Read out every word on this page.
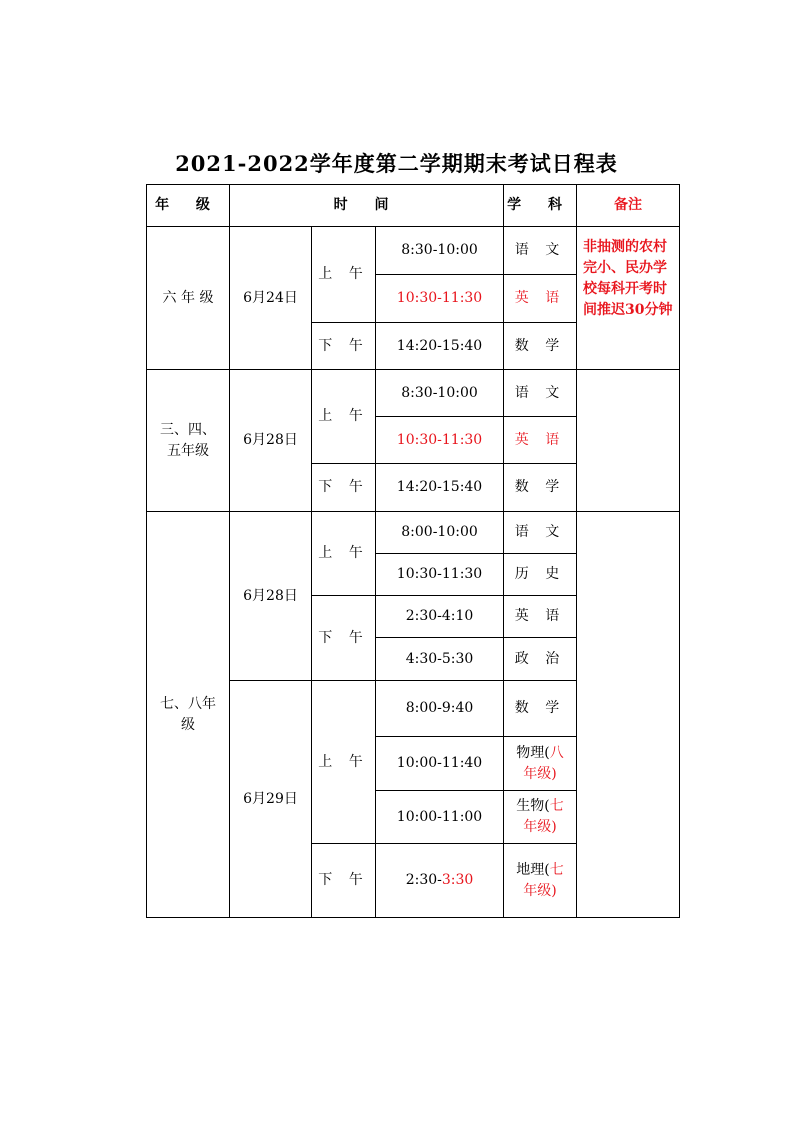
2021-2022学年度第二学期期末考试日程表
年 级	时 间			学 科	备注
六 年 级	6月24日	上 午	8:30-10:00	语 文	非抽测的农村完小、民办学校每科开考时间推迟30分钟
			10:30-11:30	英 语	
		下 午	14:20-15:40	数 学	

三、四、
五年级	6月28日	上 午	8:30-10:00	语 文	
			10:30-11:30	英 语	
		下 午	14:20-15:40	数 学	

七、八年
级	6月28日	上 午	8:00-10:00	语 文	
			10:30-11:30	历 史	
		下 午	2:30-4:10	英 语	
			4:30-5:30	政 治	
	6月29日	上 午	8:00-9:40	数 学	
			10:00-11:40	物理(八
年级)	
			10:00-11:00	生物(七
年级)	
		下 午	2:30-3:30	地理(七
年级)	
